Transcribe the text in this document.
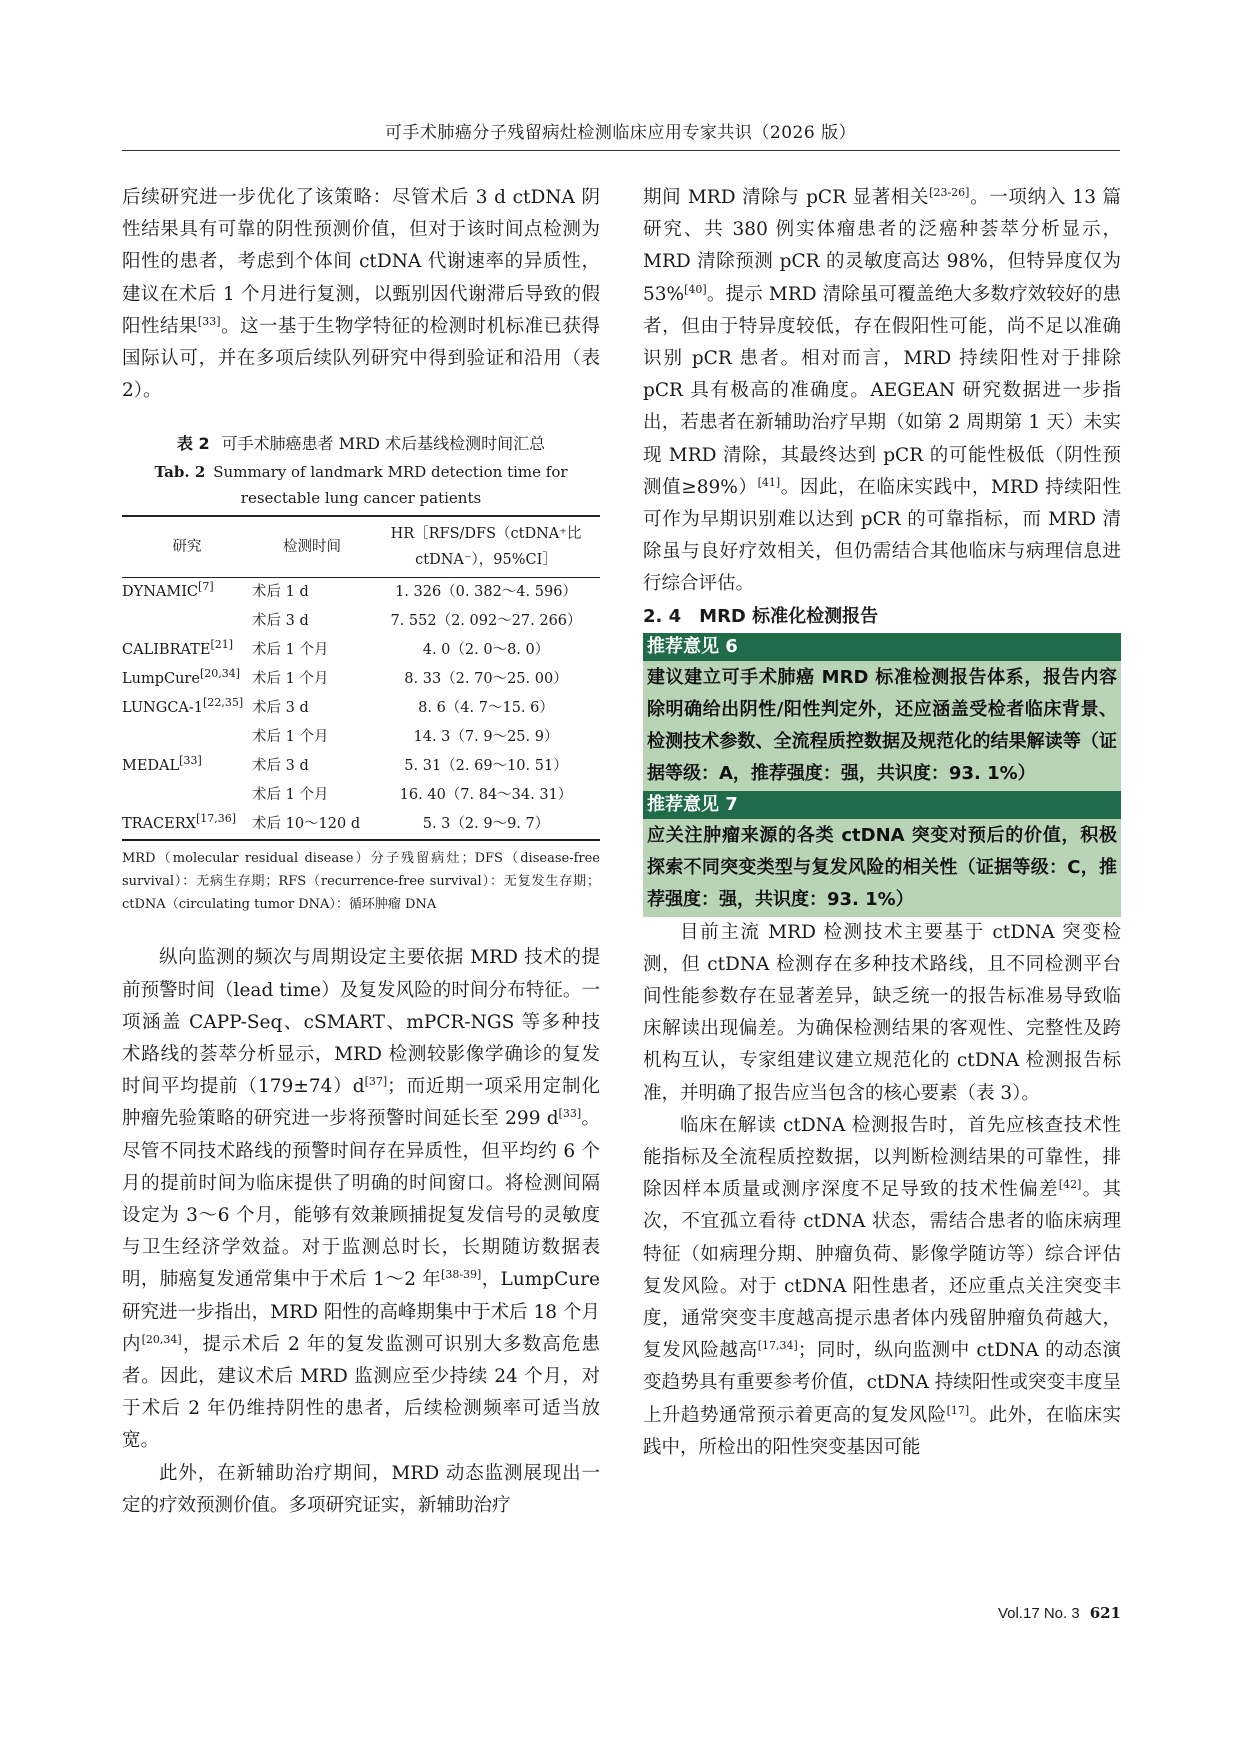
可手术肺癌分子残留病灶检测临床应用专家共识（2026 版）

后续研究进一步优化了该策略：尽管术后 3 d ctDNA 阴性结果具有可靠的阴性预测价值，但对于该时间点检测为阳性的患者，考虑到个体间 ctDNA 代谢速率的异质性，建议在术后 1 个月进行复测，以甄别因代谢滞后导致的假阳性结果[33]。这一基于生物学特征的检测时机标准已获得国际认可，并在多项后续队列研究中得到验证和沿用（表 2）。

表 2 可手术肺癌患者 MRD 术后基线检测时间汇总
Tab. 2 Summary of landmark MRD detection time for resectable lung cancer patients
研究	检测时间	HR［RFS/DFS（ctDNA⁺比
ctDNA⁻），95%CI］
DYNAMIC[7]	术后 1 d	1. 326（0. 382～4. 596）
	术后 3 d	7. 552（2. 092～27. 266）
CALIBRATE[21]	术后 1 个月	4. 0（2. 0～8. 0）
LumpCure[20,34]	术后 1 个月	8. 33（2. 70～25. 00）
LUNGCA-1[22,35]	术后 3 d	8. 6（4. 7～15. 6）
	术后 1 个月	14. 3（7. 9～25. 9）
MEDAL[33]	术后 3 d	5. 31（2. 69～10. 51）
	术后 1 个月	16. 40（7. 84～34. 31）
TRACERX[17,36]	术后 10～120 d	5. 3（2. 9～9. 7）
MRD（molecular residual disease）分子残留病灶；DFS（disease-free survival）：无病生存期；RFS（recurrence-free survival）：无复发生存期；ctDNA（circulating tumor DNA）：循环肿瘤 DNA

纵向监测的频次与周期设定主要依据 MRD 技术的提前预警时间（lead time）及复发风险的时间分布特征。一项涵盖 CAPP-Seq、cSMART、mPCR-NGS 等多种技术路线的荟萃分析显示，MRD 检测较影像学确诊的复发时间平均提前（179±74）d[37]；而近期一项采用定制化肿瘤先验策略的研究进一步将预警时间延长至 299 d[33]。尽管不同技术路线的预警时间存在异质性，但平均约 6 个月的提前时间为临床提供了明确的时间窗口。将检测间隔设定为 3～6 个月，能够有效兼顾捕捉复发信号的灵敏度与卫生经济学效益。对于监测总时长，长期随访数据表明，肺癌复发通常集中于术后 1～2 年[38-39]，LumpCure 研究进一步指出，MRD 阳性的高峰期集中于术后 18 个月内[20,34]，提示术后 2 年的复发监测可识别大多数高危患者。因此，建议术后 MRD 监测应至少持续 24 个月，对于术后 2 年仍维持阴性的患者，后续检测频率可适当放宽。

此外，在新辅助治疗期间，MRD 动态监测展现出一定的疗效预测价值。多项研究证实，新辅助治疗

期间 MRD 清除与 pCR 显著相关[23-26]。一项纳入 13 篇研究、共 380 例实体瘤患者的泛癌种荟萃分析显示，MRD 清除预测 pCR 的灵敏度高达 98%，但特异度仅为 53%[40]。提示 MRD 清除虽可覆盖绝大多数疗效较好的患者，但由于特异度较低，存在假阳性可能，尚不足以准确识别 pCR 患者。相对而言，MRD 持续阳性对于排除 pCR 具有极高的准确度。AEGEAN 研究数据进一步指出，若患者在新辅助治疗早期（如第 2 周期第 1 天）未实现 MRD 清除，其最终达到 pCR 的可能性极低（阴性预测值≥89%）[41]。因此，在临床实践中，MRD 持续阳性可作为早期识别难以达到 pCR 的可靠指标，而 MRD 清除虽与良好疗效相关，但仍需结合其他临床与病理信息进行综合评估。

2. 4　MRD 标准化检测报告
推荐意见 6
建议建立可手术肺癌 MRD 标准检测报告体系，报告内容除明确给出阴性/阳性判定外，还应涵盖受检者临床背景、检测技术参数、全流程质控数据及规范化的结果解读等（证据等级：A，推荐强度：强，共识度：93. 1%）
推荐意见 7
应关注肿瘤来源的各类 ctDNA 突变对预后的价值，积极探索不同突变类型与复发风险的相关性（证据等级：C，推荐强度：强，共识度：93. 1%）

目前主流 MRD 检测技术主要基于 ctDNA 突变检测，但 ctDNA 检测存在多种技术路线，且不同检测平台间性能参数存在显著差异，缺乏统一的报告标准易导致临床解读出现偏差。为确保检测结果的客观性、完整性及跨机构互认，专家组建议建立规范化的 ctDNA 检测报告标准，并明确了报告应当包含的核心要素（表 3）。

临床在解读 ctDNA 检测报告时，首先应核查技术性能指标及全流程质控数据，以判断检测结果的可靠性，排除因样本质量或测序深度不足导致的技术性偏差[42]。其次，不宜孤立看待 ctDNA 状态，需结合患者的临床病理特征（如病理分期、肿瘤负荷、影像学随访等）综合评估复发风险。对于 ctDNA 阳性患者，还应重点关注突变丰度，通常突变丰度越高提示患者体内残留肿瘤负荷越大，复发风险越高[17,34]；同时，纵向监测中 ctDNA 的动态演变趋势具有重要参考价值，ctDNA 持续阳性或突变丰度呈上升趋势通常预示着更高的复发风险[17]。此外，在临床实践中，所检出的阳性突变基因可能

Vol.17 No. 3 621
